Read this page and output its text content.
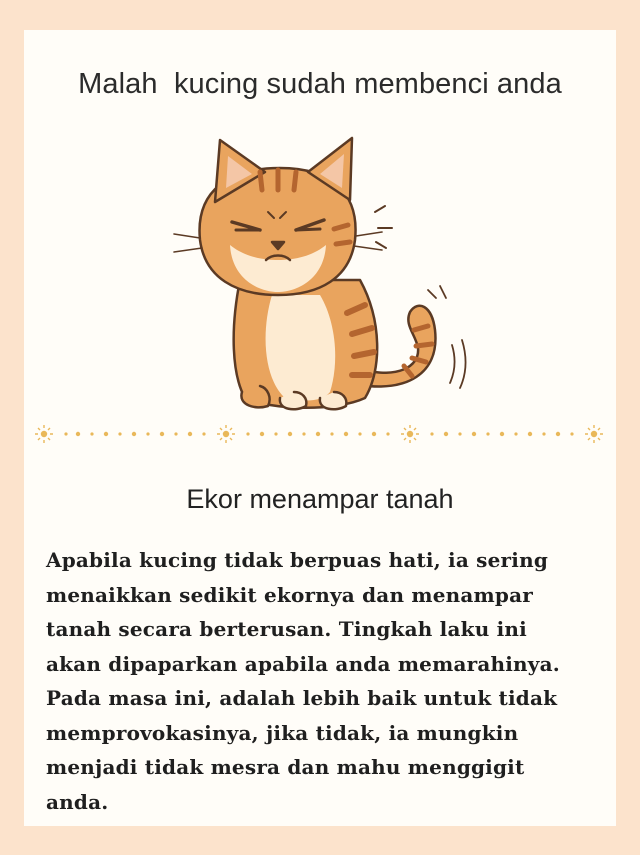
Malah  kucing sudah membenci anda
Ekor menampar tanah
Apabila kucing tidak berpuas hati, ia sering
menaikkan sedikit ekornya dan menampar
tanah secara berterusan. Tingkah laku ini
akan dipaparkan apabila anda memarahinya.
Pada masa ini, adalah lebih baik untuk tidak
memprovokasinya, jika tidak, ia mungkin
menjadi tidak mesra dan mahu menggigit
anda.
